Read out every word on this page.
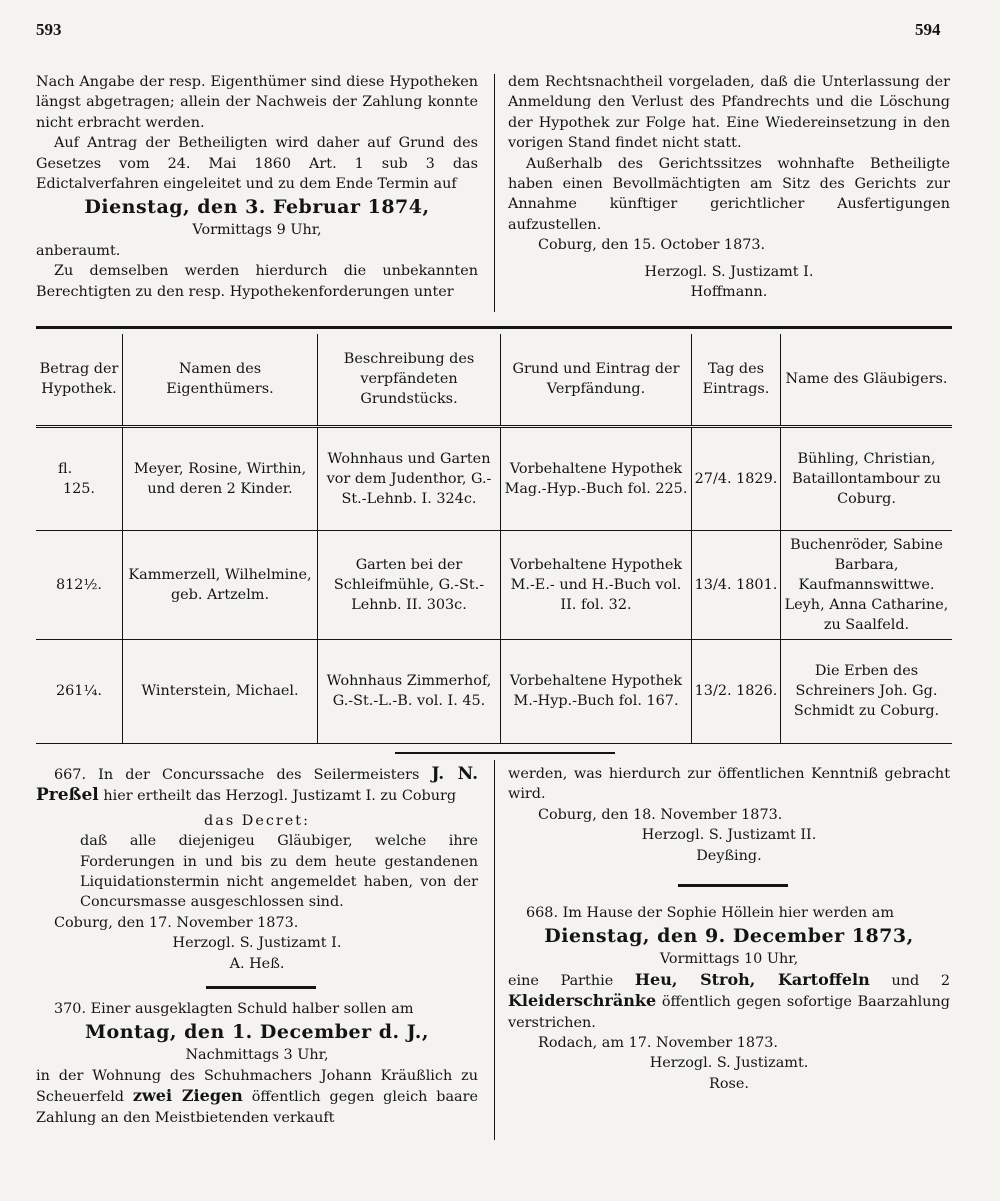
593	594

Nach Angabe der resp. Eigenthümer sind diese Hypotheken längst abgetragen; allein der Nachweis der Zahlung konnte nicht erbracht werden.

Auf Antrag der Betheiligten wird daher auf Grund des Gesetzes vom 24. Mai 1860 Art. 1 sub 3 das Edictalverfahren eingeleitet und zu dem Ende Termin auf

Dienstag, den 3. Februar 1874,

Vormittags 9 Uhr,

anberaumt.

Zu demselben werden hierdurch die unbekannten Berechtigten zu den resp. Hypothekenforderungen unter

dem Rechtsnachtheil vorgeladen, daß die Unterlassung der Anmeldung den Verlust des Pfandrechts und die Löschung der Hypothek zur Folge hat. Eine Wiedereinsetzung in den vorigen Stand findet nicht statt.

Außerhalb des Gerichtssitzes wohnhafte Betheiligte haben einen Bevollmächtigten am Sitz des Gerichts zur Annahme künftiger gerichtlicher Ausfertigungen aufzustellen.

Coburg, den 15. October 1873.

Herzogl. S. Justizamt I.

Hoffmann.

Betrag der Hypothek.	Namen des Eigenthümers.	Beschreibung des verpfändeten Grundstücks.	Grund und Eintrag der Verpfändung.	Tag des Eintrags.	Name des Gläubigers.

fl.
125.	Meyer, Rosine, Wirthin, und deren 2 Kinder.	Wohnhaus und Garten vor dem Judenthor, G.-St.-Lehnb. I. 324c.	Vorbehaltene Hypothek Mag.-Hyp.-Buch fol. 225.	27/4. 1829.	Bühling, Christian, Bataillontambour zu Coburg.
812½.	Kammerzell, Wilhelmine, geb. Artzelm.	Garten bei der Schleifmühle, G.-St.-Lehnb. II. 303c.	Vorbehaltene Hypothek M.-E.- und H.-Buch vol. II. fol. 32.	13/4. 1801.	Buchenröder, Sabine Barbara, Kaufmannswittwe. Leyh, Anna Catharine, zu Saalfeld.
261¼.	Winterstein, Michael.	Wohnhaus Zimmerhof, G.-St.-L.-B. vol. I. 45.	Vorbehaltene Hypothek M.-Hyp.-Buch fol. 167.	13/2. 1826.	Die Erben des Schreiners Joh. Gg. Schmidt zu Coburg.

667. In der Concurssache des Seilermeisters J. N. Preßel hier ertheilt das Herzogl. Justizamt I. zu Coburg

das Decret:

daß alle diejenigeu Gläubiger, welche ihre Forderungen in und bis zu dem heute gestandenen Liquidationstermin nicht angemeldet haben, von der Concursmasse ausgeschlossen sind.

Coburg, den 17. November 1873.

Herzogl. S. Justizamt I.

A. Heß.

370. Einer ausgeklagten Schuld halber sollen am

Montag, den 1. December d. J.,

Nachmittags 3 Uhr,

in der Wohnung des Schuhmachers Johann Kräußlich zu Scheuerfeld zwei Ziegen öffentlich gegen gleich baare Zahlung an den Meistbietenden verkauft

werden, was hierdurch zur öffentlichen Kenntniß gebracht wird.

Coburg, den 18. November 1873.

Herzogl. S. Justizamt II.

Deyßing.

668. Im Hause der Sophie Höllein hier werden am

Dienstag, den 9. December 1873,

Vormittags 10 Uhr,

eine Parthie Heu, Stroh, Kartoffeln und 2 Kleiderschränke öffentlich gegen sofortige Baarzahlung verstrichen.

Rodach, am 17. November 1873.

Herzogl. S. Justizamt.

Rose.
